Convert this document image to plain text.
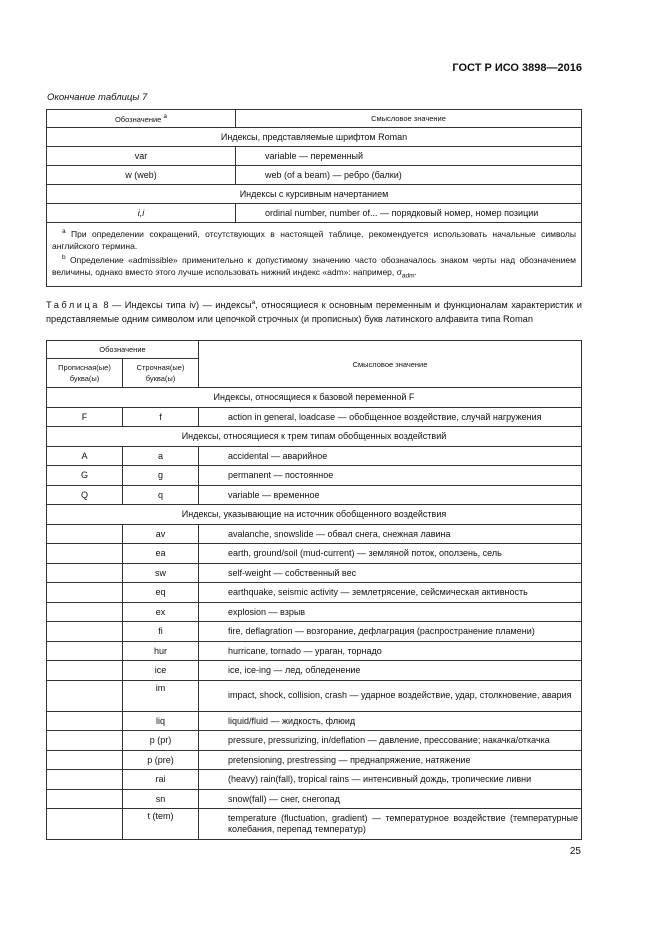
ГОСТ Р ИСО 3898—2016
Окончание таблицы 7
Обозначение $^a$	Смысловое значение
Индексы, представляемые шрифтом Roman	
var	variable — переменный
w (web)	web (of a beam) — ребро (балки)
Индексы с курсивным начертанием	
i,i	ordinal number, number of... — порядковый номер, номер позиции

$^a$ При определении сокращений, отсутствующих в настоящей таблице, рекомендуется использовать начальные символы английского термина.
$^b$ Определение «admissible» применительно к допустимому значению часто обозначалось знаком черты над обозначением величины, однако вместо этого лучше использовать нижний индекс «adm»: например, $\sigma_{adm}$.	
Таблица 8 — Индексы типа iv) — индексы$^a$, относящиеся к основным переменным и функционалам характеристик и представляемые одним символом или цепочкой строчных (и прописных) букв латинского алфавита типа Roman
Обозначение		Смысловое значение
Прописная(ые) буква(ы)	Строчная(ые) буква(ы)	
Индексы, относящиеся к базовой переменной F		
F	f	action in general, loadcase — обобщенное воздействие, случай нагружения
Индексы, относящиеся к трем типам обобщенных воздействий		
A	a	accidental — аварийное
G	g	permanent — постоянное
Q	q	variable — временное
Индексы, указывающие на источник обобщенного воздействия		
	av	avalanche, snowslide — обвал снега, снежная лавина
	ea	earth, ground/soil (mud-current) — земляной поток, оползень, сель
	sw	self-weight — собственный вес
	eq	earthquake, seismic activity — землетрясение, сейсмическая активность
	ex	explosion — взрыв
	fi	fire, deflagration — возгорание, дефлаграция (распространение пламени)
	hur	hurricane, tornado — ураган, торнадо
	ice	ice, ice-ing — лед, обледенение
	im	impact, shock, collision, crash — ударное воздействие, удар, столкновение, авария
	liq	liquid/fluid — жидкость, флюид
	p (pr)	pressure, pressurizing, in/deflation — давление, прессование; накачка/откачка
	p (pre)	pretensioning, prestressing — преднапряжение, натяжение
	rai	(heavy) rain(fall), tropical rains — интенсивный дождь, тропические ливни
	sn	snow(fall) — снег, снегопад
	t (tem)	temperature (fluctuation, gradient) — температурное воздействие (температурные колебания, перепад температур)
25
